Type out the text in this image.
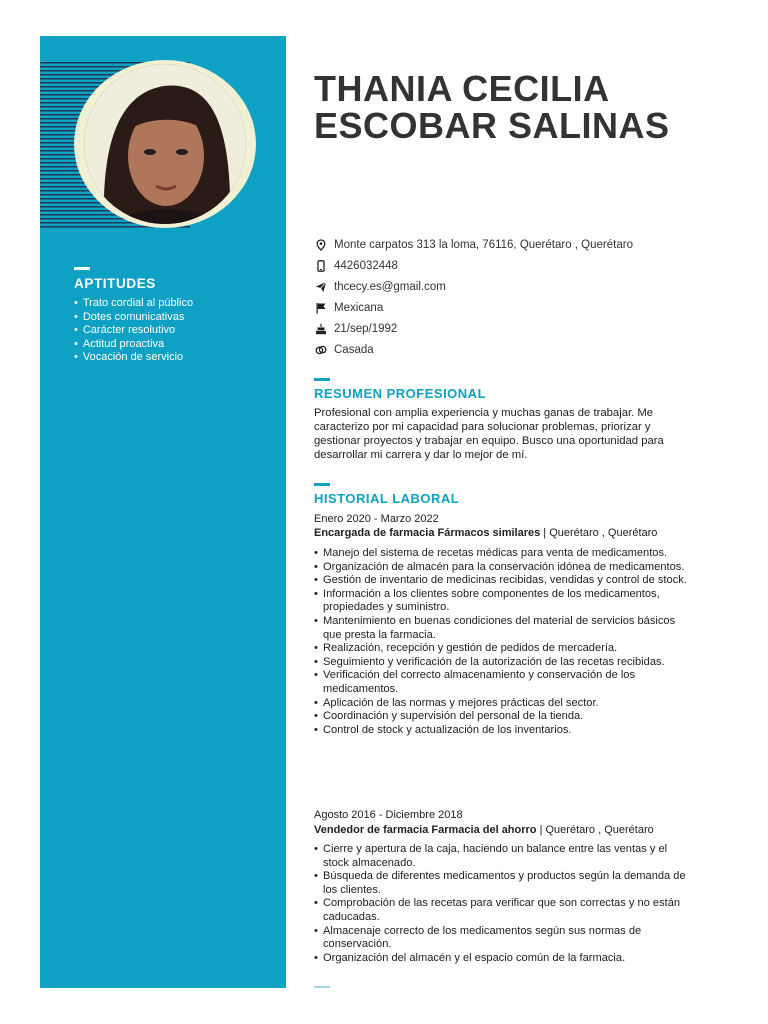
APTITUDES
• Trato cordial al público
• Dotes comunicativas
• Carácter resolutivo
• Actitud proactiva
• Vocación de servicio
THANIA CECILIA ESCOBAR SALINAS
Monte carpatos 313 la loma, 76116, Querétaro , Querétaro
4426032448
thcecy.es@gmail.com
Mexicana
21/sep/1992
Casada
RESUMEN PROFESIONAL

Profesional con amplia experiencia y muchas ganas de trabajar. Me caracterizo por mi capacidad para solucionar problemas, priorizar y gestionar proyectos y trabajar en equipo. Busco una oportunidad para desarrollar mi carrera y dar lo mejor de mí.

HISTORIAL LABORAL
Enero 2020 - Marzo 2022
Encargada de farmacia Fármacos similares | Querétaro , Querétaro
• Manejo del sistema de recetas médicas para venta de medicamentos.
• Organización de almacén para la conservación idónea de medicamentos.
• Gestión de inventario de medicinas recibidas, vendidas y control de stock.
• Información a los clientes sobre componentes de los medicamentos, propiedades y suministro.
• Mantenimiento en buenas condiciones del material de servicios básicos que presta la farmacia.
• Realización, recepción y gestión de pedidos de mercadería.
• Seguimiento y verificación de la autorización de las recetas recibidas.
• Verificación del correcto almacenamiento y conservación de los medicamentos.
• Aplicación de las normas y mejores prácticas del sector.
• Coordinación y supervisión del personal de la tienda.
• Control de stock y actualización de los inventarios.
Agosto 2016 - Diciembre 2018
Vendedor de farmacia Farmacia del ahorro | Querétaro , Querétaro
• Cierre y apertura de la caja, haciendo un balance entre las ventas y el stock almacenado.
• Búsqueda de diferentes medicamentos y productos según la demanda de los clientes.
• Comprobación de las recetas para verificar que son correctas y no están caducadas.
• Almacenaje correcto de los medicamentos según sus normas de conservación.
• Organización del almacén y el espacio común de la farmacia.
